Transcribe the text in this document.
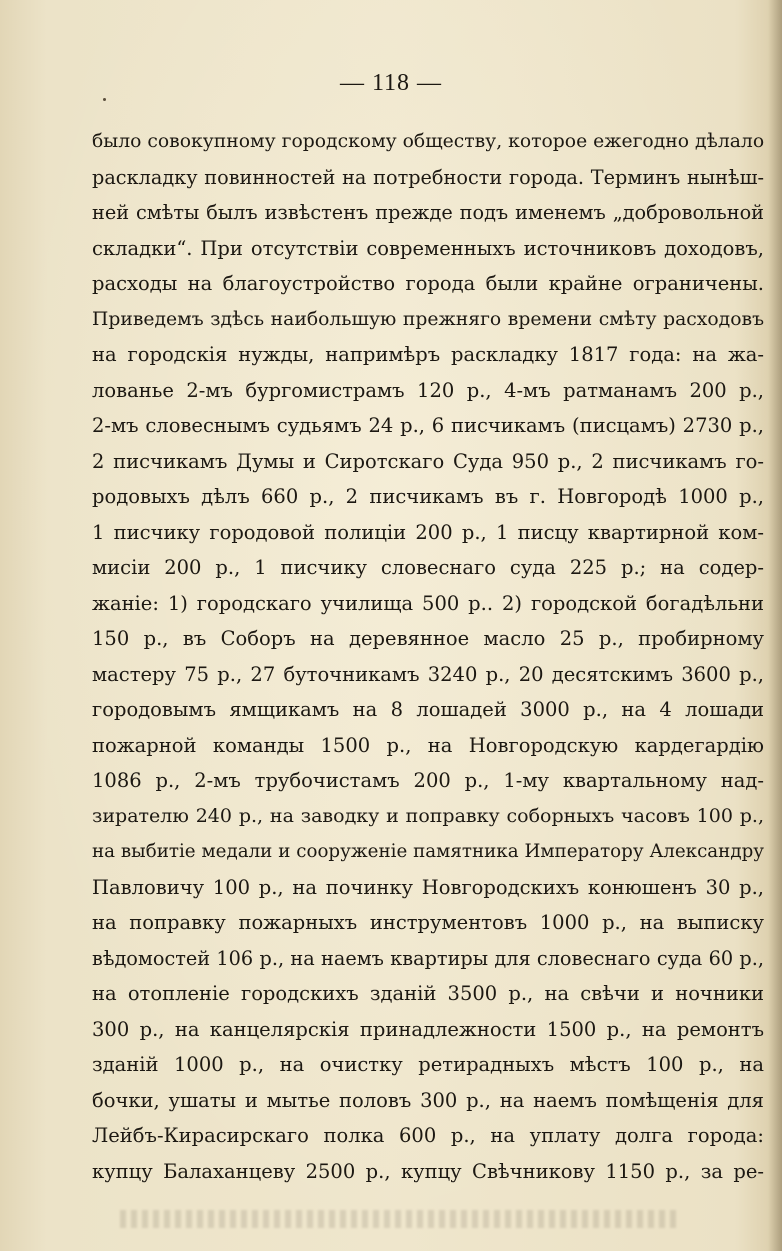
— 118 —
было совокупному городскому обществу, которое ежегодно дѣлало
раскладку повинностей на потребности города. Терминъ нынѣш-
ней смѣты былъ извѣстенъ прежде подъ именемъ „добровольной
складки“. При отсутствіи современныхъ источниковъ доходовъ,
расходы на благоустройство города были крайне ограничены.
Приведемъ здѣсь наибольшую прежняго времени смѣту расходовъ
на городскія нужды, напримѣръ раскладку 1817 года: на жа-
лованье 2-мъ бургомистрамъ 120 р., 4-мъ ратманамъ 200 р.,
2-мъ словеснымъ судьямъ 24 р., 6 писчикамъ (писцамъ) 2730 р.,
2 писчикамъ Думы и Сиротскаго Суда 950 р., 2 писчикамъ го-
родовыхъ дѣлъ 660 р., 2 писчикамъ въ г. Новгородѣ 1000 р.,
1 писчику городовой полиціи 200 р., 1 писцу квартирной ком-
мисіи 200 р., 1 писчику словеснаго суда 225 р.; на содер-
жаніе: 1) городскаго училища 500 р.. 2) городской богадѣльни
150 р., въ Соборъ на деревянное масло 25 р., пробирному
мастеру 75 р., 27 буточникамъ 3240 р., 20 десятскимъ 3600 р.,
городовымъ ямщикамъ на 8 лошадей 3000 р., на 4 лошади
пожарной команды 1500 р., на Новгородскую кардегардію
1086 р., 2-мъ трубочистамъ 200 р., 1-му квартальному над-
зирателю 240 р., на заводку и поправку соборныхъ часовъ 100 р.,
на выбитіе медали и сооруженіе памятника Императору Александру
Павловичу 100 р., на починку Новгородскихъ конюшенъ 30 р.,
на поправку пожарныхъ инструментовъ 1000 р., на выписку
вѣдомостей 106 р., на наемъ квартиры для словеснаго суда 60 р.,
на отопленіе городскихъ зданій 3500 р., на свѣчи и ночники
300 р., на канцелярскія принадлежности 1500 р., на ремонтъ
зданій 1000 р., на очистку ретирадныхъ мѣстъ 100 р., на
бочки, ушаты и мытье половъ 300 р., на наемъ помѣщенія для
Лейбъ-Кирасирскаго полка 600 р., на уплату долга города:
купцу Балаханцеву 2500 р., купцу Свѣчникову 1150 р., за ре-
